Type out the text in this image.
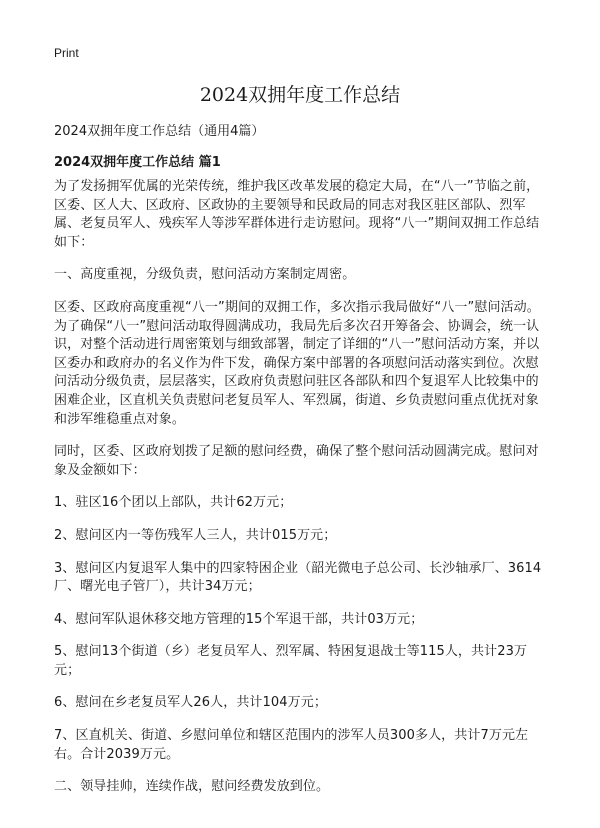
Print
2024双拥年度工作总结
2024双拥年度工作总结（通用4篇）
2024双拥年度工作总结 篇1

为了发扬拥军优属的光荣传统，维护我区改革发展的稳定大局，在“八一”节临之前，区委、区人大、区政府、区政协的主要领导和民政局的同志对我区驻区部队、烈军属、老复员军人、残疾军人等涉军群体进行走访慰问。现将“八一”期间双拥工作总结如下：

一、高度重视，分级负责，慰问活动方案制定周密。

区委、区政府高度重视“八一”期间的双拥工作，多次指示我局做好“八一”慰问活动。为了确保“八一”慰问活动取得圆满成功，我局先后多次召开筹备会、协调会，统一认识，对整个活动进行周密策划与细致部署，制定了详细的“八一”慰问活动方案，并以区委办和政府办的名义作为件下发，确保方案中部署的各项慰问活动落实到位。次慰问活动分级负责，层层落实，区政府负责慰问驻区各部队和四个复退军人比较集中的困难企业，区直机关负责慰问老复员军人、军烈属，街道、乡负责慰问重点优抚对象和涉军维稳重点对象。

同时，区委、区政府划拨了足额的慰问经费，确保了整个慰问活动圆满完成。慰问对象及金额如下：

1、驻区16个团以上部队，共计62万元；

2、慰问区内一等伤残军人三人，共计015万元；

3、慰问区内复退军人集中的四家特困企业（韶光微电子总公司、长沙轴承厂、3614厂、曙光电子管厂），共计34万元；

4、慰问军队退休移交地方管理的15个军退干部，共计03万元；

5、慰问13个街道（乡）老复员军人、烈军属、特困复退战士等115人，共计23万元；

6、慰问在乡老复员军人26人，共计104万元；

7、区直机关、街道、乡慰问单位和辖区范围内的涉军人员300多人，共计7万元左右。合计2039万元。

二、领导挂帅，连续作战，慰问经费发放到位。
